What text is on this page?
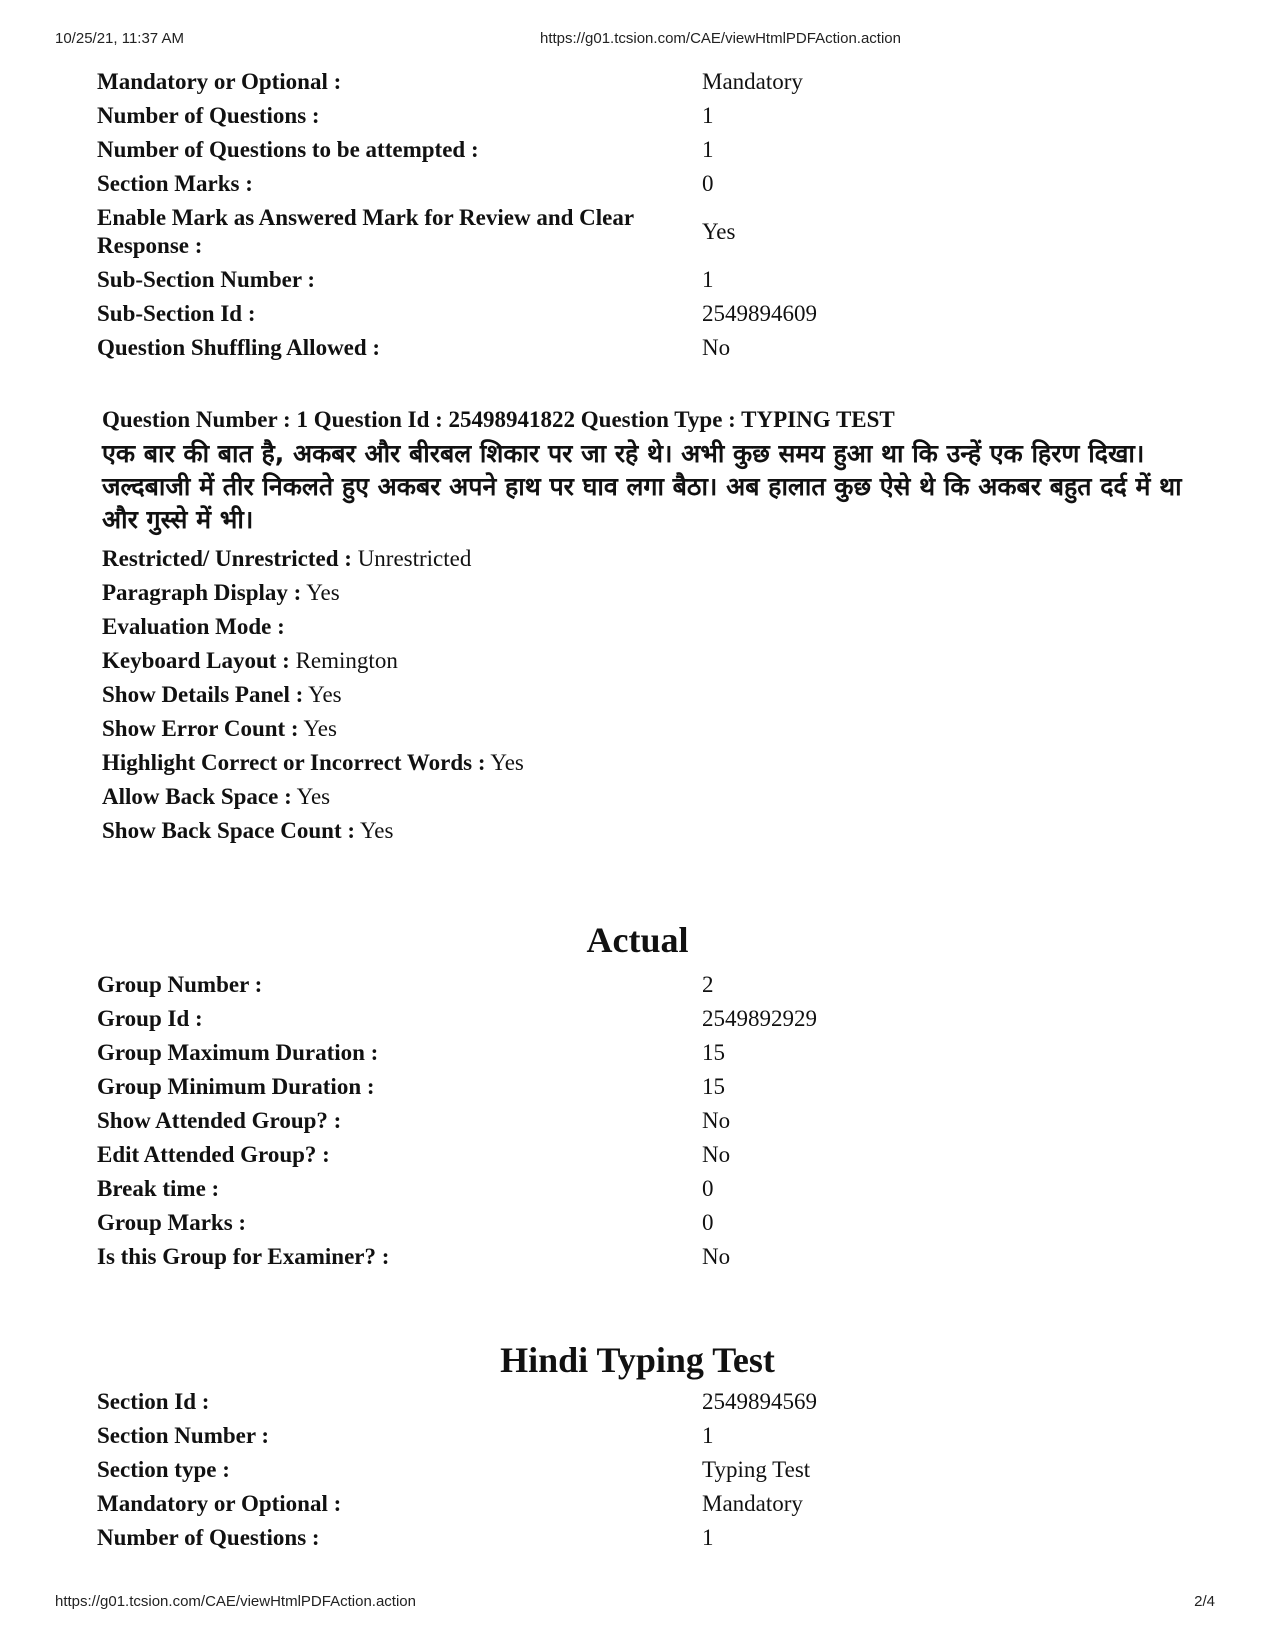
10/25/21, 11:37 AM	https://g01.tcsion.com/CAE/viewHtmlPDFAction.action
Mandatory or Optional :	Mandatory
Number of Questions :	1
Number of Questions to be attempted :	1
Section Marks :	0
Enable Mark as Answered Mark for Review and Clear Response :
Yes
Sub-Section Number :	1
Sub-Section Id :	2549894609
Question Shuffling Allowed :	No
Question Number : 1 Question Id : 25498941822 Question Type : TYPING TEST
एक बार की बात है, अकबर और बीरबल शिकार पर जा रहे थे। अभी कुछ समय हुआ था कि उन्हें एक हिरण दिखा। जल्दबाजी में तीर निकलते हुए अकबर अपने हाथ पर घाव लगा बैठा। अब हालात कुछ ऐसे थे कि अकबर बहुत दर्द में था और गुस्से में भी।
Restricted/ Unrestricted : Unrestricted
Paragraph Display : Yes
Evaluation Mode :
Keyboard Layout : Remington
Show Details Panel : Yes
Show Error Count : Yes
Highlight Correct or Incorrect Words : Yes
Allow Back Space : Yes
Show Back Space Count : Yes
Actual
Group Number :	2
Group Id :	2549892929
Group Maximum Duration :	15
Group Minimum Duration :	15
Show Attended Group? :	No
Edit Attended Group? :	No
Break time :	0
Group Marks :	0
Is this Group for Examiner? :	No
Hindi Typing Test
Section Id :	2549894569
Section Number :	1
Section type :	Typing Test
Mandatory or Optional :	Mandatory
Number of Questions :	1
https://g01.tcsion.com/CAE/viewHtmlPDFAction.action	2/4
